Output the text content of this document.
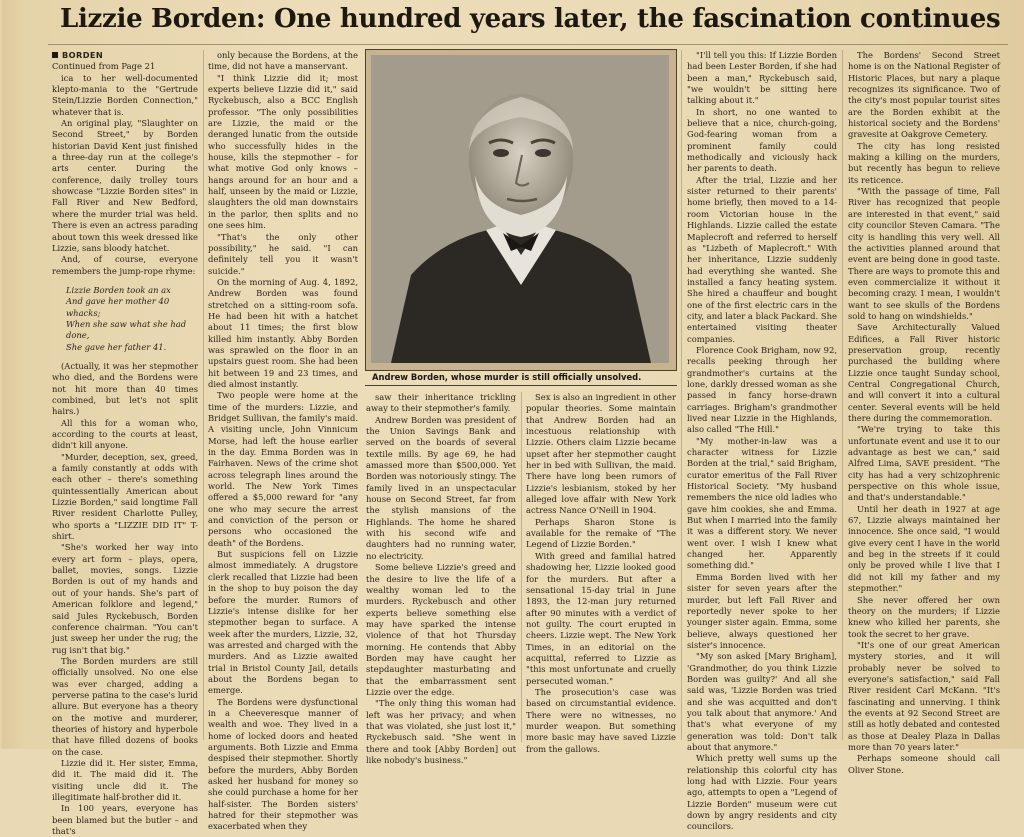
Lizzie Borden: One hundred years later, the fascination continues

BORDEN

Continued from Page 21

ica to her well-documented klepto-mania to the "Gertrude Stein/Lizzie Borden Connection," whatever that is.

An original play, "Slaughter on Second Street," by Borden historian David Kent just finished a three-day run at the college's arts center. During the conference, daily trolley tours showcase "Lizzie Borden sites" in Fall River and New Bedford, where the murder trial was held. There is even an actress parading about town this week dressed like Lizzie, sans bloody hatchet.

And, of course, everyone remembers the jump-rope rhyme:

Lizzie Borden took an ax

And gave her mother 40 whacks;

When she saw what she had done,

She gave her father 41.

(Actually, it was her stepmother who died, and the Bordens were not hit more than 40 times combined, but let's not split hairs.)

All this for a woman who, according to the courts at least, didn't kill anyone.

"Murder, deception, sex, greed, a family constantly at odds with each other – there's something quintessentially American about Lizzie Borden," said longtime Fall River resident Charlotte Pulley, who sports a "LIZZIE DID IT" T-shirt.

"She's worked her way into every art form – plays, opera, ballet, movies, songs. Lizzie Borden is out of my hands and out of your hands. She's part of American folklore and legend," said Jules Ryckebusch, Borden conference chairman. "You can't just sweep her under the rug; the rug isn't that big."

The Borden murders are still officially unsolved. No one else was ever charged, adding a perverse patina to the case's lurid allure. But everyone has a theory on the motive and murderer, theories of history and hyperbole that have filled dozens of books on the case.

Lizzie did it. Her sister, Emma, did it. The maid did it. The visiting uncle did it. The illegitimate half-brother did it.

In 100 years, everyone has been blamed but the butler – and that's

only because the Bordens, at the time, did not have a manservant.

"I think Lizzie did it; most experts believe Lizzie did it," said Ryckebusch, also a BCC English professor. "The only possibilities are Lizzie, the maid or the deranged lunatic from the outside who successfully hides in the house, kills the stepmother – for what motive God only knows – hangs around for an hour and a half, unseen by the maid or Lizzie, slaughters the old man downstairs in the parlor, then splits and no one sees him.

"That's the only other possibility," he said. "I can definitely tell you it wasn't suicide."

On the morning of Aug. 4, 1892, Andrew Borden was found stretched on a sitting-room sofa. He had been hit with a hatchet about 11 times; the first blow killed him instantly. Abby Borden was sprawled on the floor in an upstairs guest room. She had been hit between 19 and 23 times, and died almost instantly.

Two people were home at the time of the murders: Lizzie, and Bridget Sullivan, the family's maid. A visiting uncle, John Vinnicum Morse, had left the house earlier in the day. Emma Borden was in Fairhaven. News of the crime shot across telegraph lines around the world. The New York Times offered a $5,000 reward for "any one who may secure the arrest and conviction of the person or persons who occasioned the death" of the Bordens.

But suspicions fell on Lizzie almost immediately. A drugstore clerk recalled that Lizzie had been in the shop to buy poison the day before the murder. Rumors of Lizzie's intense dislike for her stepmother began to surface. A week after the murders, Lizzie, 32, was arrested and charged with the murders. And as Lizzie awaited trial in Bristol County Jail, details about the Bordens began to emerge.

The Bordens were dysfunctional in a Cheeveresque manner of wealth and woe. They lived in a home of locked doors and heated arguments. Both Lizzie and Emma despised their stepmother. Shortly before the murders, Abby Borden asked her husband for money so she could purchase a home for her half-sister. The Borden sisters' hatred for their stepmother was exacerbated when they

Andrew Borden, whose murder is still officially unsolved.

saw their inheritance trickling away to their stepmother's family.

Andrew Borden was president of the Union Savings Bank and served on the boards of several textile mills. By age 69, he had amassed more than $500,000. Yet Borden was notoriously stingy. The family lived in an unspectacular house on Second Street, far from the stylish mansions of the Highlands. The home he shared with his second wife and daughters had no running water, no electricity.

Some believe Lizzie's greed and the desire to live the life of a wealthy woman led to the murders. Ryckebusch and other experts believe something else may have sparked the intense violence of that hot Thursday morning. He contends that Abby Borden may have caught her stepdaughter masturbating and that the embarrassment sent Lizzie over the edge.

"The only thing this woman had left was her privacy; and when that was violated, she just lost it," Ryckebusch said. "She went in there and took [Abby Borden] out like nobody's business."

Sex is also an ingredient in other popular theories. Some maintain that Andrew Borden had an incestuous relationship with Lizzie. Others claim Lizzie became upset after her stepmother caught her in bed with Sullivan, the maid. There have long been rumors of Lizzie's lesbianism, stoked by her alleged love affair with New York actress Nance O'Neill in 1904.

Perhaps Sharon Stone is available for the remake of "The Legend of Lizzie Borden."

With greed and familial hatred shadowing her, Lizzie looked good for the murders. But after a sensational 15-day trial in June 1893, the 12-man jury returned after 90 minutes with a verdict of not guilty. The court erupted in cheers. Lizzie wept. The New York Times, in an editorial on the acquittal, referred to Lizzie as "this most unfortunate and cruelly persecuted woman."

The prosecution's case was based on circumstantial evidence. There were no witnesses, no murder weapon. But something more basic may have saved Lizzie from the gallows.

"I'll tell you this: If Lizzie Borden had been Lester Borden, if she had been a man," Ryckebusch said, "we wouldn't be sitting here talking about it."

In short, no one wanted to believe that a nice, church-going, God-fearing woman from a prominent family could methodically and viciously hack her parents to death.

After the trial, Lizzie and her sister returned to their parents' home briefly, then moved to a 14-room Victorian house in the Highlands. Lizzie called the estate Maplecroft and referred to herself as "Lizbeth of Maplecroft." With her inheritance, Lizzie suddenly had everything she wanted. She installed a fancy heating system. She hired a chauffeur and bought one of the first electric cars in the city, and later a black Packard. She entertained visiting theater companies.

Florence Cook Brigham, now 92, recalls peeking through her grandmother's curtains at the lone, darkly dressed woman as she passed in fancy horse-drawn carriages. Brigham's grandmother lived near Lizzie in the Highlands, also called "The Hill."

"My mother-in-law was a character witness for Lizzie Borden at the trial," said Brigham, curator emeritus of the Fall River Historical Society. "My husband remembers the nice old ladies who gave him cookies, she and Emma. But when I married into the family it was a different story. We never went over. I wish I knew what changed her. Apparently something did."

Emma Borden lived with her sister for seven years after the murder, but left Fall River and reportedly never spoke to her younger sister again. Emma, some believe, always questioned her sister's innocence.

"My son asked [Mary Brigham], 'Grandmother, do you think Lizzie Borden was guilty?' And all she said was, 'Lizzie Borden was tried and she was acquitted and don't you talk about that anymore.' And that's what everyone of my generation was told: Don't talk about that anymore."

Which pretty well sums up the relationship this colorful city has long had with Lizzie. Four years ago, attempts to open a "Legend of Lizzie Borden" museum were cut down by angry residents and city councilors.

The Bordens' Second Street home is on the National Register of Historic Places, but nary a plaque recognizes its significance. Two of the city's most popular tourist sites are the Borden exhibit at the historical society and the Bordens' gravesite at Oakgrove Cemetery.

The city has long resisted making a killing on the murders, but recently has begun to relieve its reticence.

"With the passage of time, Fall River has recognized that people are interested in that event," said city councilor Steven Camara. "The city is handling this very well. All the activities planned around that event are being done in good taste. There are ways to promote this and even commercialize it without it becoming crazy. I mean, I wouldn't want to see skulls of the Bordens sold to hang on windshields."

Save Architecturally Valued Edifices, a Fall River historic preservation group, recently purchased the building where Lizzie once taught Sunday school, Central Congregational Church, and will convert it into a cultural center. Several events will be held there during the commemoration.

"We're trying to take this unfortunate event and use it to our advantage as best we can," said Alfred Lima, SAVE president. "The city has had a very schizophrenic perspective on this whole issue, and that's understandable."

Until her death in 1927 at age 67, Lizzie always maintained her innocence. She once said, "I would give every cent I have in the world and beg in the streets if it could only be proved while I live that I did not kill my father and my stepmother."

She never offered her own theory on the murders; if Lizzie knew who killed her parents, she took the secret to her grave.

"It's one of our great American mystery stories, and it will probably never be solved to everyone's satisfaction," said Fall River resident Carl McKann. "It's fascinating and unnerving. I think the events at 92 Second Street are still as hotly debated and contested as those at Dealey Plaza in Dallas more than 70 years later."

Perhaps someone should call Oliver Stone.
